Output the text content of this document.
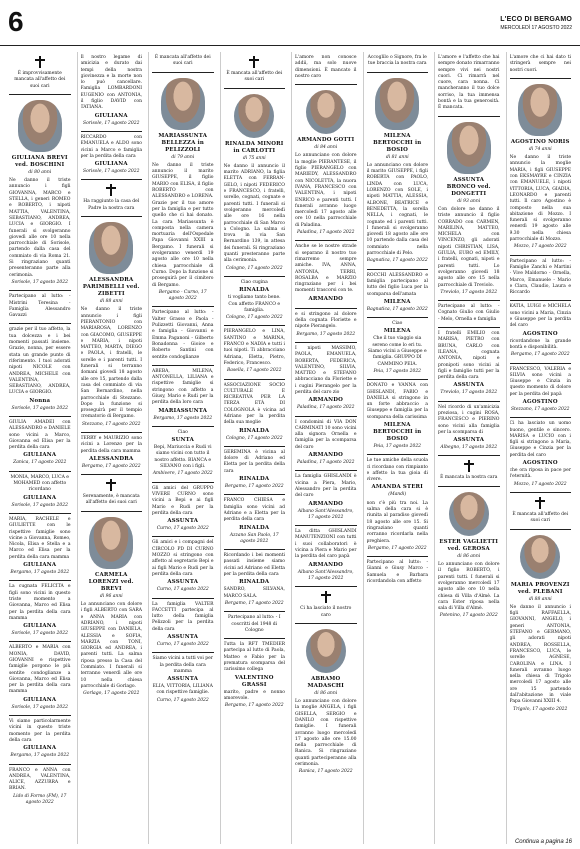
6	L'ECO DI BERGAMO
MERCOLEDÌ 17 AGOSTO 2022
È improvvisamente mancata all'affetto dei suoi cari
GIULIANA BREVI ved. BOSCHINI
di 80 anni
Ne danno il triste annuncio i figli GIOVANNA, MARCO e STELLA, i generi ROMEO e ROBERTO, i nipoti MATTIA, VALENTINA, SEBASTIANO, ANDREA, LUCIA e GIORGIO. I funerali si svolgeranno giovedì alle ore 10 nella parrocchiale di Sorisole, partendo dalla casa del commiato di via Roma 21. Si ringraziano quanti presenteranno parte alla cerimonia.
Sorisole, 17 agosto 2022
Partecipano al lutto: - Mistrini Teresina - Famiglia Alessandro Gavazzi
grazie per il tuo affetto, la tua dolcezza e i bei momenti passati insieme. Grazie, nonna, per essere stata un grande punto di riferimento. I tuoi adorati nipoti NICOLE con ANDREA, MICHELE con VALENTINA, SEBASTIANO, ANDREA, LUCIA e GIORGIO.
Nonna
Sorisole, 17 agosto 2022
GIULIA AMADEI con ALESSANDRO e DANIELE sono vicini a Marco, Giovanna ed Elisa per la perdita della cara
GIULIANA
Zanica, 17 agosto 2022
MONIA, MARCO, LUCA e MOHAMED con affetto ricordano
GIULIANA
Sorisole, 17 agosto 2022
MARIA, RACHELE e GIULIETTE con le rispettive famiglie sono vicine a Giovanna, Romeo, Nicola, Elisa e Stella e a Marco ed Elisa per la perdita della cara mamma
GIULIANA
Bergamo, 17 agosto 2022
La cugnata FELICITA e figli sono vicini in questo triste momento a Giovanna, Marco ed Elisa per la perdita della cara mamma
GIULIANA
Sorisole, 17 agosto 2022
ALBERTO e MARIA con MONIA, DAVID, GIOVANNI e rispettive famiglie porgono le più sentite condoglianze a Giovanna, Marco ed Elisa per la perdita della cara mamma
GIULIANA
Sorisole, 17 agosto 2022
Vi siamo particolarmente vicini in questo triste momento per la perdita della cara
GIULIANA
Bergamo, 17 agosto 2022
FRANCO e ANNA con ANDREA, VALENTINA, ALICE, AZZURRA e BRIAN.
Lido di Formo (FM), 17 agosto 2022
Il nostro legame di amicizia e durato dai tempi della nostra giovinezza e la morte non lo può cancellare. Famiglia LOMBARDONI EUGENIO con ANTONIA, il figlio DAVID con TATIANA.
GIULIANA
Sorisole, 17 agosto 2022
RICCARDO con EMANUELA e ALDO sono vicini a Marco e famiglia per la perdita della cara
GIULIANA
Sorisole, 17 agosto 2022
Ha raggiunto la casa del Padre la nostra cara
ALESSANDRA PARIMBELLI ved. ZIBETTI
di 88 anni
Ne danno il triste annuncio i figli PIERANTONIO con MARIAROSA, LORENZO con GIACOMO, GIUSEPPE e MARIA, i nipoti MATTEO, MARTA, DIEGO e PAOLA, i fratelli, le sorelle e i parenti tutti. I funerali si terranno domani giovedì 18 agosto alle ore 15, partendo dalla casa del commiato di via San Bernardino, nella parrocchiale di Stezzano. Dopo la funzione si proseguirà per il tempio crematorio di Bergamo.
Stezzano, 17 agosto 2022
TERRY e MAURIZIO sono vicini a Lorenzo per la perdita della cara mamma
ALESSANDRA
Bergamo, 17 agosto 2022
Serenamente, è mancata all'affetto dei suoi cari
CARMELA LORENZI ved. BREVI
di 96 anni
Lo annunciano con dolore i figli ALBERTO con SARA e ANNA MARIA con ADRIANO, i nipoti GIUSEPPE con DANIELA, ALESSIA e SOFIA, MARZIA con TONI, GIORGIA ed ANDREA, i parenti tutti. La salma riposa presso la Casa del Commiato. I funerali si terranno venerdì alle ore 10 nella chiesa parrocchiale di Gorlago.
Gorlago, 17 agosto 2022
È mancata all'affetto dei suoi cari
MARIASSUNTA BELLEZZA in PELIZZOLI
di 79 anni
Ne danno il triste annuncio il marito GIUSEPPE, il figlio MARIO con ELISA, il figlio ROBERTO con ALESSANDRO e LORENA. Grazie per il tuo amore per la famiglia e per tutto quello che ci hai donato. La cara Mariassunta è composta nella camera mortuaria dell'Ospedale Papa Giovanni XXIII a Bergamo. I funerali si svolgeranno venerdì 19 agosto alle ore 10 nella chiesa parrocchiale di Curno. Dopo la funzione si proseguirà per il cimitero di Bergamo.
Bergamo - Curno, 17 agosto 2022
Partecipano al lutto: - Valter Grasso e Paola - Pulizzetti Giovanni, Anna e famiglia - Giovanni e Emma Paganoni - Gilberto Bonadonna - Gioice e Roberto Santini con sentite condoglianze
ABEBA, MILENA, ANTONELLA, LILIANA e rispettive famiglie si stringono con affetto a Giusy, Mario e Rudi per la perdita della loro cara
MARIASSUNTA
Bergamo, 17 agosto 2022
Ciao
SUNTA
Bepi, Mariuccia e Rudi vi siamo vicini con tutto il nostro affetto. BIANCA e SILVANO con i figli.
Ambivere, 17 agosto 2022
Gli amici del GRUPPO VIVERE CURNO sono vicini a Bepi e ai figli Mario e Rudi per la perdita della cara
ASSUNTA
Curno, 17 agosto 2022
Gli amici e i compagni del CIRCOLO PD DI CURNO MOZZO si stringono con affetto al segretario Bepi e ai figli Mario e Rudi per la perdita della cara
ASSUNTA
Curno, 17 agosto 2022
La famiglia VALTER FACCETTI partecipa al lutto della famiglia Pelizzoli per la perdita della cara
ASSUNTA
Curno, 17 agosto 2022
Siamo vicini a tutti voi per la perdita della cara mamma
ASSUNTA
ELIA, VITTORIA, LILIANA con rispettive famiglie.
Curno, 17 agosto 2022
È mancata all'affetto dei suoi cari
RINALDA MINORI in CARLOTTI
di 75 anni
Ne danno il annuncio il marito ADRIANO, la figlia ELETTA con FERRAN-GELO, i nipoti FEDERICO e FRANCESCO, i fratelli, sorelle, cognati, cognate e parenti tutti. I funerali si svolgeranno mercoledì alle ore 16 nella parrocchiale di San Marco a Cologno. La salma si trova in via San Bernardino 139, in attesa dei funerali. Si ringraziano quanti presteranno parte alla cerimonia.
Cologno, 17 agosto 2022
Ciao cugina
RINALDA
ti vogliamo tanto bene. Con affetto FRANCO e famiglia.
Cologno, 17 agosto 2022
PIERANGELO e LINA, SANTINO e MARINA, FRANCO e NADIA e tutti i tuoi nipoti. Ti abbracciano Adriana, Eletta, Pietro, Federico, Francesco.
Basella, 17 agosto 2022
ASSOCIAZIONE SOCIO CULTURALE E RICREATIVA PER LA TERZA ETÀ DI COLOGNOLA è vicina ad Adriano per la perdita della sua moglie
RINALDA
Cologno, 17 agosto 2022
GEREMINA è vicina al dolore di Adriano ed Eletta per la perdita della cara
RINALDA
Bergamo, 17 agosto 2022
FRANCO CHIESA e famiglia sono vicini ad Adriano e a Eletta per la perdita della cara
RINALDA
Azzano San Paolo, 17 agosto 2022
Ricordando i bei momenti passati insieme siamo vicini ad Adriano ed Eletta per la perdita della cara
RINALDA
SANDRO, SILVANA, MARCO SALA.
Bergamo, 17 agosto 2022
Partecipano al lutto: - I coscritti del 1948 di Cologno
Tutta la RFT TMEDIER partecipa al lutto di Paola, Matteo e Fabio per la prematura scomparsa del carissimo collega
VALENTINO GRASSI
marito, padre e nonno amorevole.
Bergamo, 17 agosto 2022
L'amore non conosce addii, ma solo nuove dimensioni. È mancato il nostro caro
ARMANDO GOTTI
di 84 anni
Lo annunciano con dolore la moglie PIERANTESE, il figlio PIERANGELO con MARIEDY, ALESSANDRO con NICOLETTA, la nuora IVANA, FRANCESCO con VALENTINA, i nipoti ENRICO e parenti tutti. I funerali avranno luogo mercoledì 17 agosto alle ore 10 nella parrocchiale di Paladina.
Paladina, 17 agosto 2022
Anche se le nostre strade si separano il nostro tuo rimarremo sempre amiche. IVA, ANNA, ANTONIA, TERRI, ROSALBA e MARZIO ringraziano per i bei momenti trascorsi con te.
ARMANDO
e si stringono al dolore della cognata Floriette e nipote Pierangelo.
Bergamo, 17 agosto 2022
I nipoti MASSIMO, PAOLA, EMANUELA, ROBERTA, FEDERICA, VALENTINO, SILVIA, MATTEO e STEFANO abbracciano da Floriette e i cugini Pierangelo per la perdita del caro zio
ARMANDO
Paladina, 17 agosto 2022
I condomini di VIA DON CARMINATI 10 sono vicini alla signora Ornella e famiglia per la scomparsa del caro
ARMANDO
Paladina, 17 agosto 2022
La famiglia GHISLANDI è vicina a Piera, Mario, Alessandro per la perdita del caro
ARMANDO
Albano Sant'Alessandro, 17 agosto 2022
La ditta GHISLANDI MANUTENZIONI con tutti i suoi collaboratori è vicina a Piera e Mario per la perdita del caro papà
ARMANDO
Albano Sant'Alessandro, 17 agosto 2022
Ci ha lasciato il nostro caro
ABRAMO MADASCHI
di 86 anni
Lo annunciano con dolore la moglie ANGELA, i figli GISELLA, SERGIO e DANILO con rispettive famiglie. I funerali avranno luogo mercoledì 17 agosto alle ore 15.00 nella parrocchiale di Ranica. Si ringraziano quanti parteciperanno alla cerimonia.
Ranica, 17 agosto 2022
Accoglilo o Signore, fra le tue braccia la nostra cara
MILENA BERTOCCHI in BOSIO
di 81 anni
Lo annunciano con dolore il marito GIUSEPPE, i figli ROBERTA con PAOLO, LINDA con LUCA, LORENZO con SOLE, i nipoti MATTIA, ALESSIA, ALBONE, BEATRICE e BENEDETTA, la sorella NELLA, i cognati, le cognate ed i parenti tutti. I funerali si svolgeranno giovedì 18 agosto alle ore 10 partendo dalla casa del commiato nella parrocchiale di Pelo.
Bagnatica, 17 agosto 2022
ROCCHI ALESSANDRO e famiglia partecipano al lutto del figlio Luca per la scomparsa dell'amata
MILENA
Bagnatica, 17 agosto 2022
Ciao
MILENA
Che il tuo viaggio sia sereno come lo eri tu. Siamo vicini a Giuseppe e famiglia. GRUPPO DI CAMMINO PEIA.
Peia, 17 agosto 2022
DONATO e VANNA con GHISLANDI, FABIO e DANIELA si stringono in un forte abbraccio a Giuseppe e famiglia per la scomparsa della carissima
MILENA BERTOCCHI in BOSIO
Peia, 17 agosto 2022
Le tue amiche della scuola ci ricordano con rimpianto e affetto la tua gioia di vivere.
AMANDA STERI
(Mandi)
non c'è più tra noi. La salma della cara si è riunita al paradiso giovedì 18 agosto alle ore 15. Si ringraziano quanti vorranno ricordarla nella preghiera.
Bergamo, 17 agosto 2022
Partecipano al lutto: - Gianni e Giusy Marco - Samuela e Barbara ricordandola con affetto
L'amore e l'affetto che hai sempre donato rimarranno sempre vivi nei nostri cuori. Ci rimarrà nel cuore, cara nonna. Ci mancheranno il tuo dolce sorriso, la tua immensa bontà e la tua generosità. È mancata.
ASSUNTA BRONCO ved. DONGETTI
di 93 anni
Con dolore ne danno il triste annuncio il figlio CORRADO con CARMEN, MARILINA, MATTEO, MICHELA con VINCENZO, gli adorati nipoti CHRISTIAN, LISA, GIULIA, EURO ed EMILY, i fratelli, cognati, nipoti e parenti tutti. Lo svolgeranno giovedì 18 agosto alle ore 15 nella parrocchiale di Treviolo.
Treviolo, 17 agosto 2022
Partecipano al lutto: - Cognato Giulio con Giulio - Melo, Ornella e famiglia
I fratelli EMILIO con MARISA, PIETRO con BRUNA, CARLO con ILEANA, cognata ANTONIA, nipoti e pronipoti sono vicini ai figli e famiglie tutti per la perdita della cara
ASSUNTA
Treviolo, 17 agosto 2022
Nel ricordo di un'amicizia preziosa, i cugini ROSA, FRANCESCO e PIERINO sono vicini alla famiglia per la scomparsa di
ASSUNTA
Albegno, 17 agosto 2022
È mancata la nostra cara
ESTER VAGLIETTI ved. GEROSA
di 86 anni
Lo annunciano con dolore il figlio ROBERTO, i parenti tutti. I funerali si svolgeranno mercoledì 17 agosto alle ore 10 nella chiesa di Villa d'Almè. La cara Ester riposa nella sala di Villa d'Almè.
Potenino, 17 agosto 2022
L'amore che ci hai dato ti stringerà sempre nei nostri cuori.
AGOSTINO NORIS
di 74 anni
Ne danno il triste annuncio la moglie MARIA, i figli GIUSEPPE con EKSMAYRE e CINZIA con EMANUELE, i nipoti VITTORIA, LUCA, GIADIA, LEONARDO e parenti tutti. Il caro Agostino è composto nella sua abitazione di Mozzo. I funerali si svolgeranno venerdì 19 agosto alle 9.30 nella chiesa parrocchiale di Mozzo.
Mozzo, 17 agosto 2022
Partecipano al lutto: - Famiglie Zanchi e Martini - Vive Maldorno - Ornella, Marco, Emanuele - Mario e Clara, Claudio, Laura e Riccardo
KATIA, LUIGI e MICHELA sono vicini a Maria, Cinzia e Giuseppe per la perdita del caro
AGOSTINO
ricordandone la grande bontà e disponibilità.
Bergamo, 17 agosto 2022
FRANCESCO, VALERIA e SILVIA sono vicini a Giuseppe e Cinzia in questo momento di dolore per la perdita del papà
AGOSTINO
Stezzano, 17 agosto 2022
Ci ha lasciato un uomo buono, gentile e sincero. MARISA e LUCIO con i figli si stringono a Maria, Giuseppe e Cinzia per la perdita del caro
AGOSTINO
che ora riposa in pace per l'eternità.
Mozzo, 17 agosto 2022
È mancata all'affetto dei suoi cari
MARIA PROVENZI ved. PLEBANI
di 88 anni
Ne danno il annuncio i figli RAFFAELLA, GIOVANNI, ANGELO, i generi ANTONIA, STEFANO e GERMANO, gli adorati nipoti ANDREA, ROSSELLA, FRANCESCO, LUCA, le sorelle AGNESE, CAROLINA e LINA. I funerali avranno luogo nella chiesa di Trigolo mercoledì 17 agosto alle ore 15 partendo dall'abitazione in viale Papa Giovanni XXIII 4.
Trigolo, 17 agosto 2022
Continua a pagina 16
